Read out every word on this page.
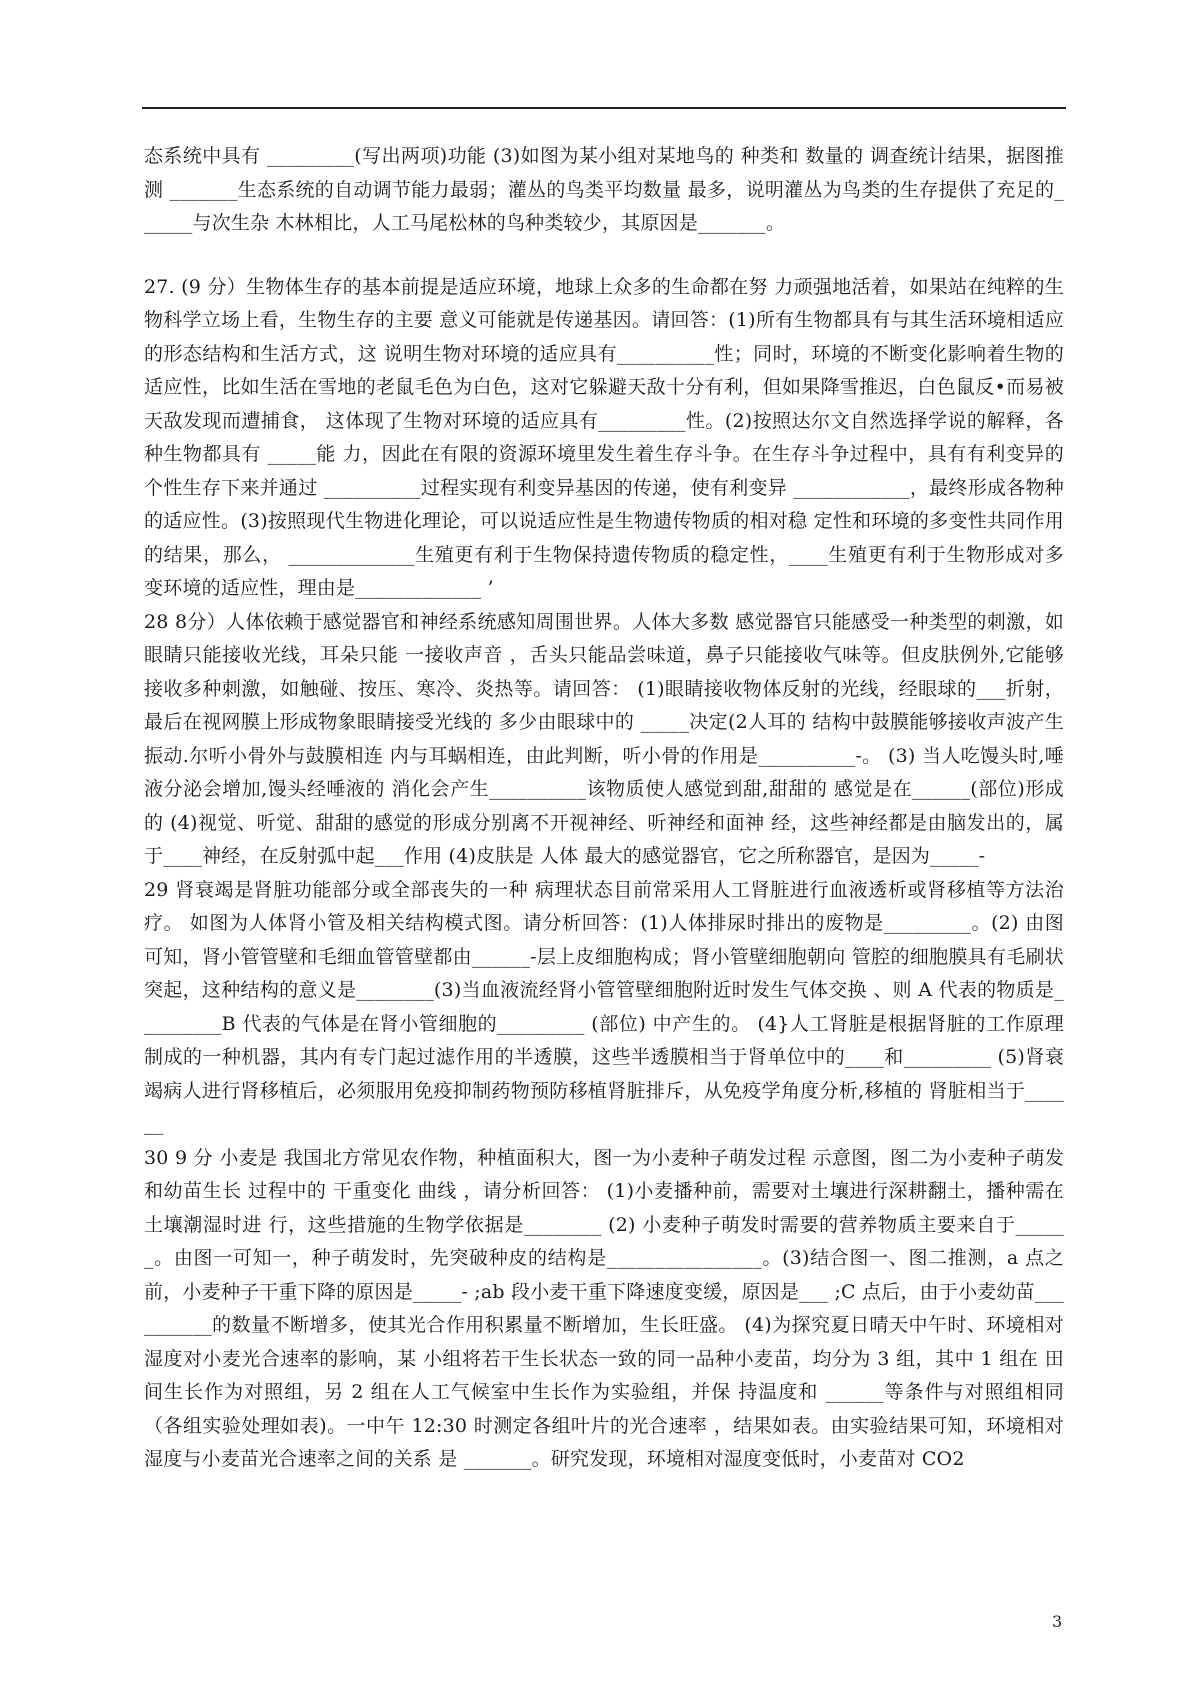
态系统中具有 _________(写出两项)功能 (3)如图为某小组对某地鸟的 种类和 数量的 调查统计结果，据图推测 _______生态系统的自动调节能力最弱；灌丛的鸟类平均数量 最多，说明灌丛为鸟类的生存提供了充足的______与次生杂 木林相比，人工马尾松林的鸟种类较少，其原因是_______。

27. (9 分）生物体生存的基本前提是适应环境，地球上众多的生命都在努 力顽强地活着，如果站在纯粹的生物科学立场上看，生物生存的主要 意义可能就是传递基因。请回答：(1)所有生物都具有与其生活环境相适应的形态结构和生活方式，这 说明生物对环境的适应具有__________性；同时，环境的不断变化影响着生物的适应性，比如生活在雪地的老鼠毛色为白色，这对它躲避天敌十分有利，但如果降雪推迟，白色鼠反•而易被天敌发现而遭捕食， 这体现了生物对环境的适应具有_________性。(2)按照达尔文自然选择学说的解释，各种生物都具有 _____能 力，因此在有限的资源环境里发生着生存斗争。在生存斗争过程中，具有有利变异的个性生存下来并通过 __________过程实现有利变异基因的传递，使有利变异 ____________，最终形成各物种的适应性。(3)按照现代生物进化理论，可以说适应性是生物遗传物质的相对稳 定性和环境的多变性共同作用的结果，那么， _____________生殖更有利于生物保持遗传物质的稳定性，____生殖更有利于生物形成对多 变环境的适应性，理由是_____________ ’

28 8分）人体依赖于感觉器官和神经系统感知周围世界。人体大多数 感觉器官只能感受一种类型的刺激，如眼睛只能接收光线，耳朵只能 一接收声音 ，舌头只能品尝味道，鼻子只能接收气味等。但皮肤例外,它能够接收多种刺激，如触碰、按压、寒冷、炎热等。请回答： (1)眼睛接收物体反射的光线，经眼球的___折射，最后在视网膜上形成物象眼睛接受光线的 多少由眼球中的 _____决定(2人耳的 结构中鼓膜能够接收声波产生振动.尔听小骨外与鼓膜相连 内与耳蜗相连，由此判断，听小骨的作用是__________-。 (3) 当人吃馒头时,唾液分泌会增加,馒头经唾液的 消化会产生__________该物质使人感觉到甜,甜甜的 感觉是在______(部位)形成的 (4)视觉、听觉、甜甜的感觉的形成分别离不开视神经、听神经和面神 经，这些神经都是由脑发出的，属于____神经，在反射弧中起___作用 (4)皮肤是 人体 最大的感觉器官，它之所称器官，是因为_____-

29 肾衰竭是肾脏功能部分或全部丧失的一种 病理状态目前常采用人工肾脏进行血液透析或肾移植等方法治疗。 如图为人体肾小管及相关结构模式图。请分析回答：(1)人体排尿时排出的废物是_________。(2) 由图可知，肾小管管壁和毛细血管管壁都由______-层上皮细胞构成；肾小管壁细胞朝向 管腔的细胞膜具有毛刷状突起，这种结构的意义是________(3)当血液流经肾小管管壁细胞附近时发生气体交换 、则 A 代表的物质是_________B 代表的气体是在肾小管细胞的_________ (部位) 中产生的。 (4}人工肾脏是根据肾脏的工作原理制成的一种机器，其内有专门起过滤作用的半透膜，这些半透膜相当于肾单位中的____和_________ (5)肾衰竭病人进行肾移植后，必须服用免疫抑制药物预防移植肾脏排斥，从免疫学角度分析,移植的 肾脏相当于______

30 9 分 小麦是 我国北方常见农作物，种植面积大，图一为小麦种子萌发过程 示意图，图二为小麦种子萌发和幼苗生长 过程中的 干重变化 曲线 ，请分析回答： (1)小麦播种前，需要对土壤进行深耕翻土，播种需在土壤潮湿时进 行，这些措施的生物学依据是________ (2) 小麦种子萌发时需要的营养物质主要来自于______。由图一可知一，种子萌发时，先突破种皮的结构是________________。(3)结合图一、图二推测，a 点之前，小麦种子干重下降的原因是_____- ;ab 段小麦干重下降速度变缓，原因是___ ;C 点后，由于小麦幼苗__________的数量不断增多，使其光合作用积累量不断增加，生长旺盛。 (4)为探究夏日晴天中午时、环境相对湿度对小麦光合速率的影响，某 小组将若干生长状态一致的同一品种小麦苗，均分为 3 组，其中 1 组在 田间生长作为对照组，另 2 组在人工气候室中生长作为实验组，并保 持温度和 ______等条件与对照组相同（各组实验处理如表)。一中午 12:30 时测定各组叶片的光合速率 ，结果如表。由实验结果可知，环境相对湿度与小麦苗光合速率之间的关系 是 _______。研究发现，环境相对湿度变低时，小麦苗对 CO2

3
